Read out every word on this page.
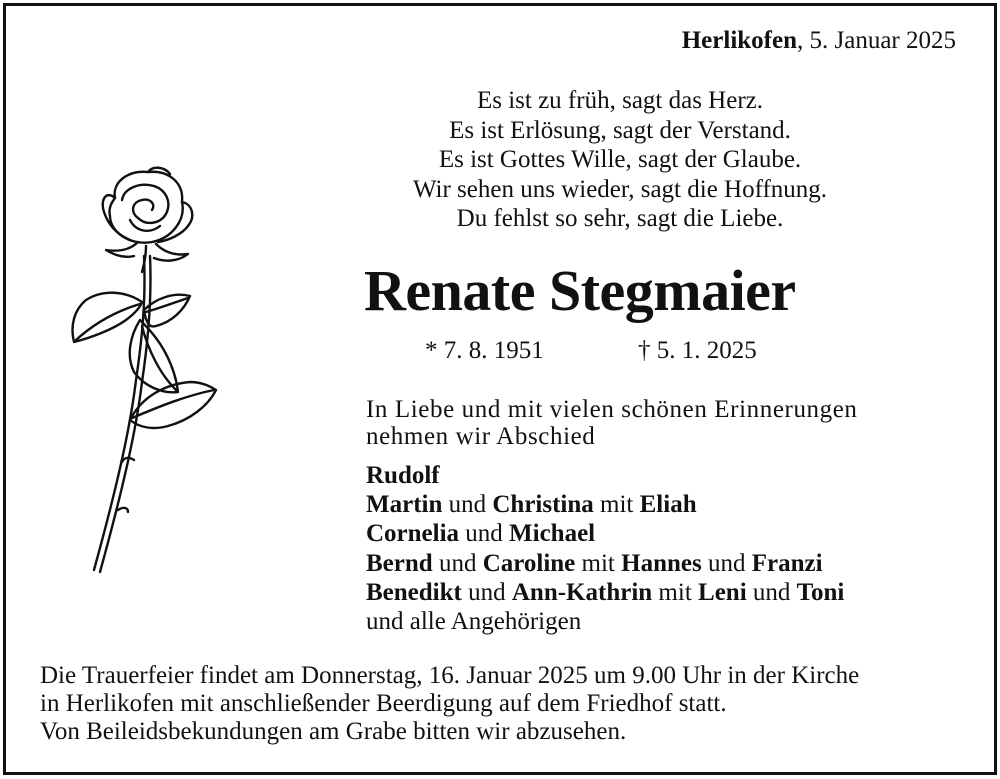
Herlikofen, 5. Januar 2025
Es ist zu früh, sagt das Herz.
Es ist Erlösung, sagt der Verstand.
Es ist Gottes Wille, sagt der Glaube.
Wir sehen uns wieder, sagt die Hoffnung.
Du fehlst so sehr, sagt die Liebe.
Renate Stegmaier
* 7. 8. 1951	† 5. 1. 2025
In Liebe und mit vielen schönen Erinnerungen
nehmen wir Abschied
Rudolf
Martin und Christina mit Eliah
Cornelia und Michael
Bernd und Caroline mit Hannes und Franzi
Benedikt und Ann-Kathrin mit Leni und Toni
und alle Angehörigen
Die Trauerfeier findet am Donnerstag, 16. Januar 2025 um 9.00 Uhr in der Kirche
in Herlikofen mit anschließender Beerdigung auf dem Friedhof statt.
Von Beileidsbekundungen am Grabe bitten wir abzusehen.
